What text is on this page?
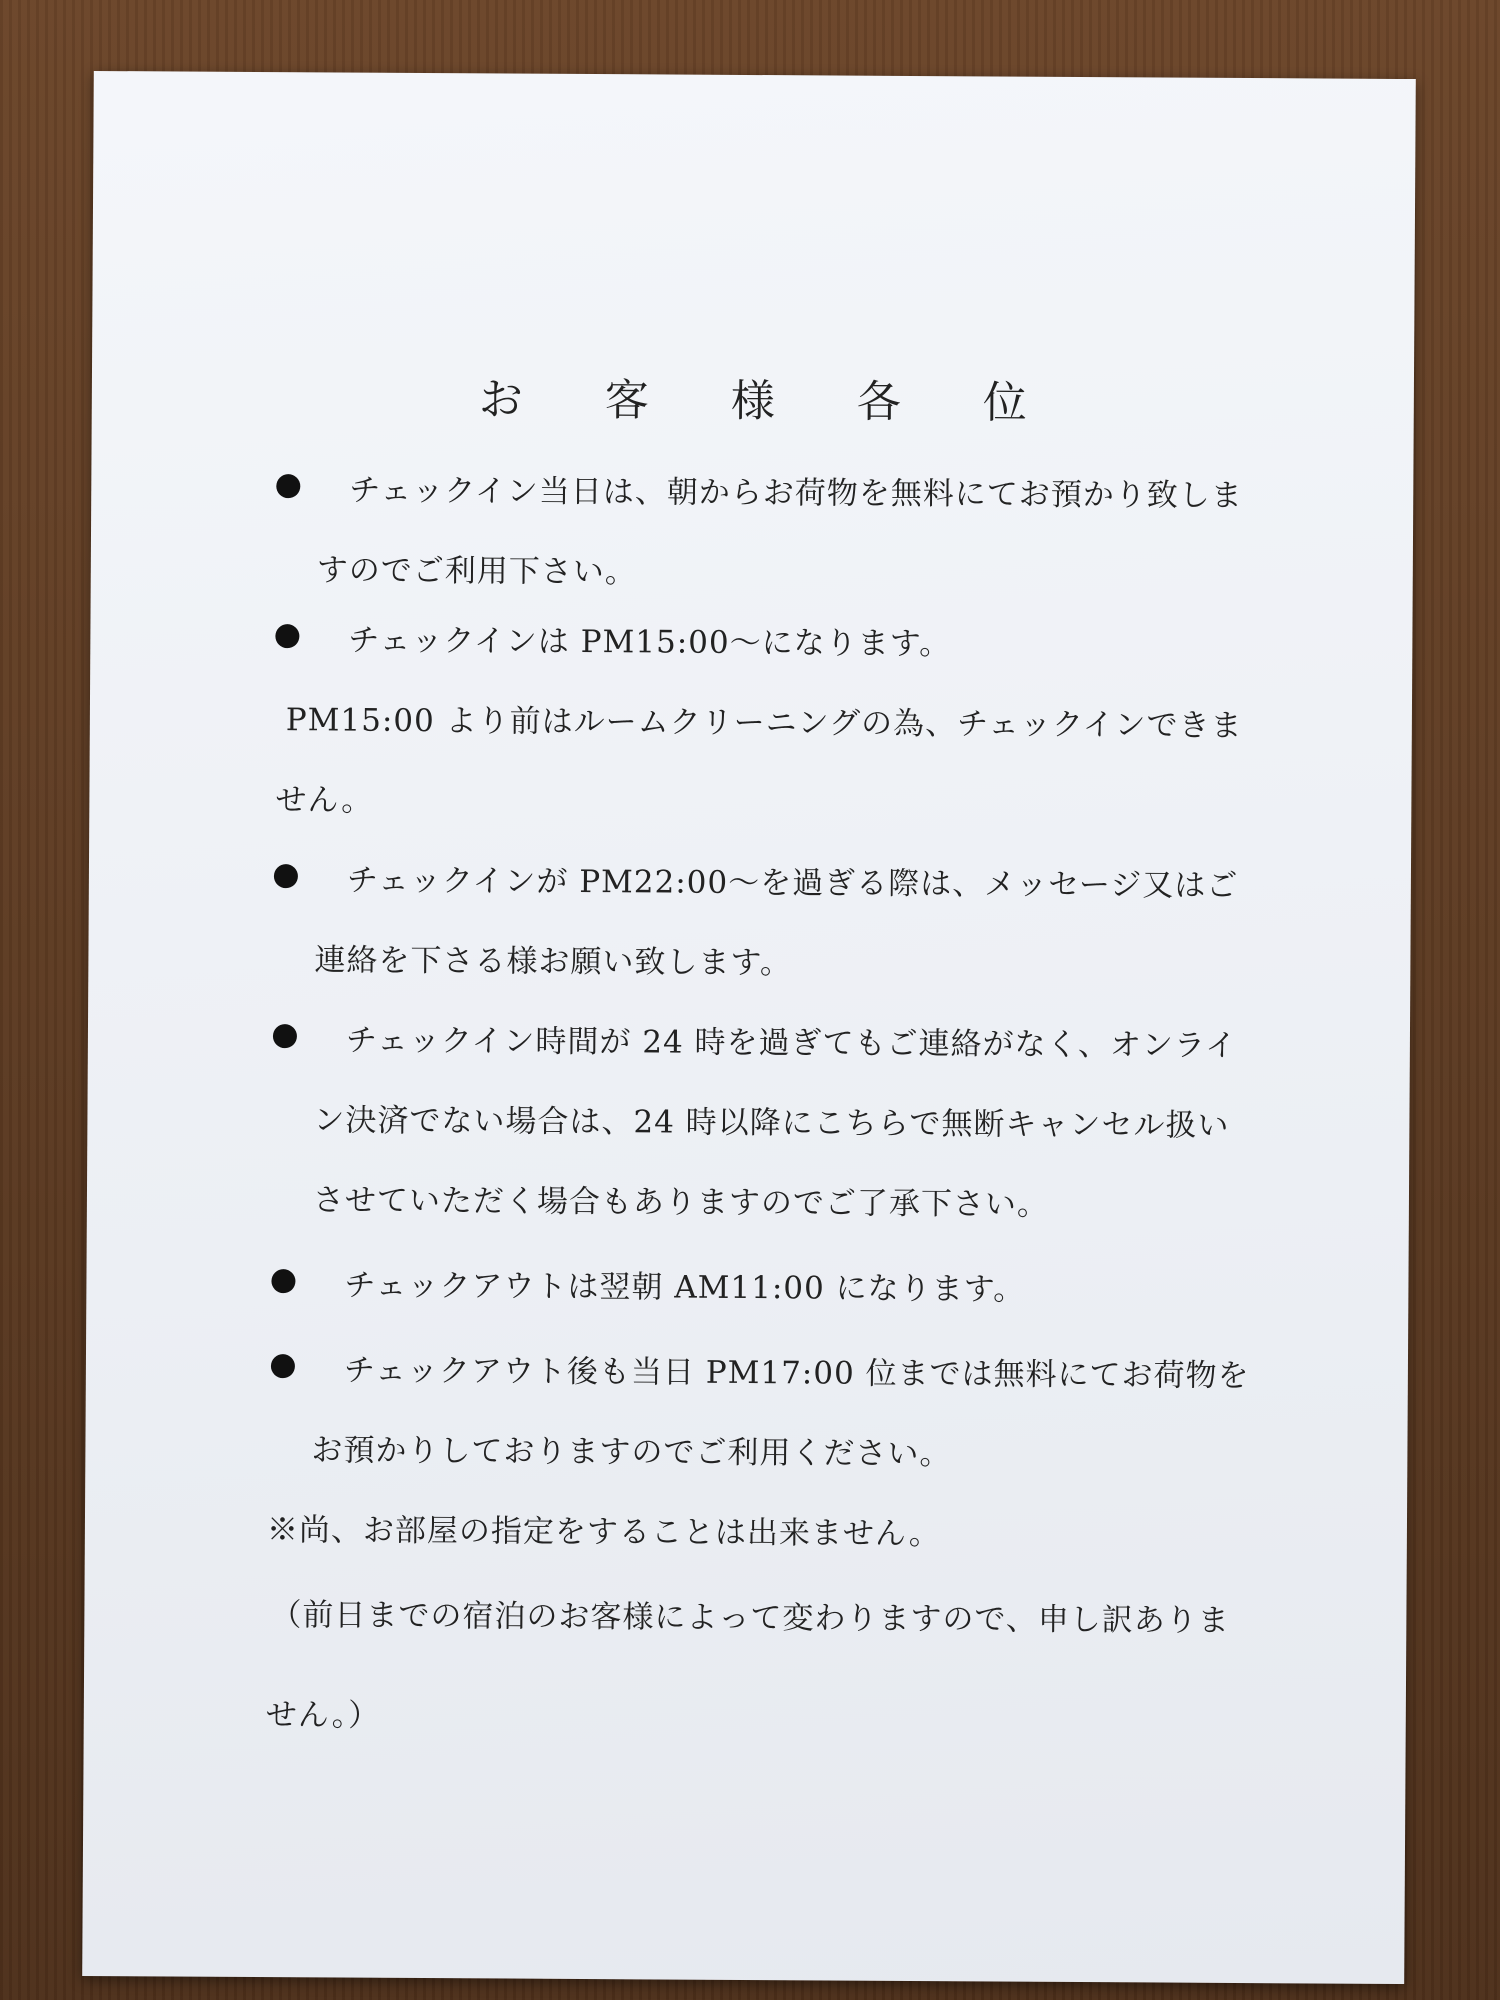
お 客 様 各 位
チェックイン当日は、朝からお荷物を無料にてお預かり致しま
すのでご利用下さい。
チェックインは PM15:00～になります。
PM15:00 より前はルームクリーニングの為、チェックインできま
せん。
チェックインが PM22:00～を過ぎる際は、メッセージ又はご
連絡を下さる様お願い致します。
チェックイン時間が 24 時を過ぎてもご連絡がなく、オンライ
ン決済でない場合は、24 時以降にこちらで無断キャンセル扱い
させていただく場合もありますのでご了承下さい。
チェックアウトは翌朝 AM11:00 になります。
チェックアウト後も当日 PM17:00 位までは無料にてお荷物を
お預かりしておりますのでご利用ください。
※尚、お部屋の指定をすることは出来ません。
（前日までの宿泊のお客様によって変わりますので、申し訳ありま
せん。）
